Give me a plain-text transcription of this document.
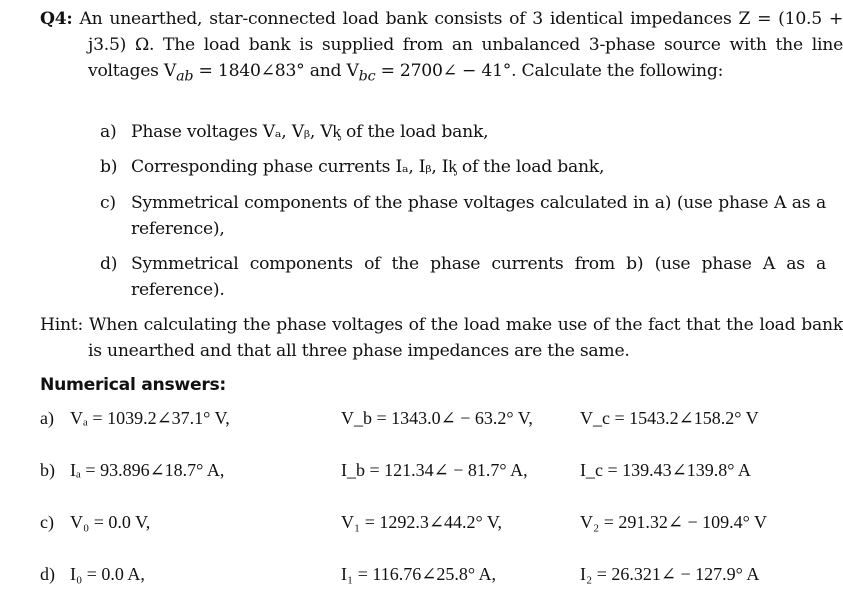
Q4: An unearthed, star-connected load bank consists of 3 identical impedances Z = (10.5 + j3.5) Ω. The load bank is supplied from an unbalanced 3-phase source with the line voltages $V_{ab}$ = 1840∠83° and $V_{bc}$ = 2700∠ − 41°. Calculate the following:
a) Phase voltages Vₐ, Vᵦ, Vᶄ of the load bank,
b) Corresponding phase currents Iₐ, Iᵦ, Iᶄ of the load bank,
c) Symmetrical components of the phase voltages calculated in a) (use phase A as a reference),
d) Symmetrical components of the phase currents from b) (use phase A as a reference).
Hint: When calculating the phase voltages of the load make use of the fact that the load bank is unearthed and that all three phase impedances are the same.
Numerical answers:
a) Vₐ = 1039.2∠37.1° V,	V_b = 1343.0∠ − 63.2° V,	V_c = 1543.2∠158.2° V
b) Iₐ = 93.896∠18.7° A,	I_b = 121.34∠ − 81.7° A,	I_c = 139.43∠139.8° A
c) V₀ = 0.0 V,	V₁ = 1292.3∠44.2° V,	V₂ = 291.32∠ − 109.4° V
d) I₀ = 0.0 A,	I₁ = 116.76∠25.8° A,	I₂ = 26.321∠ − 127.9° A
